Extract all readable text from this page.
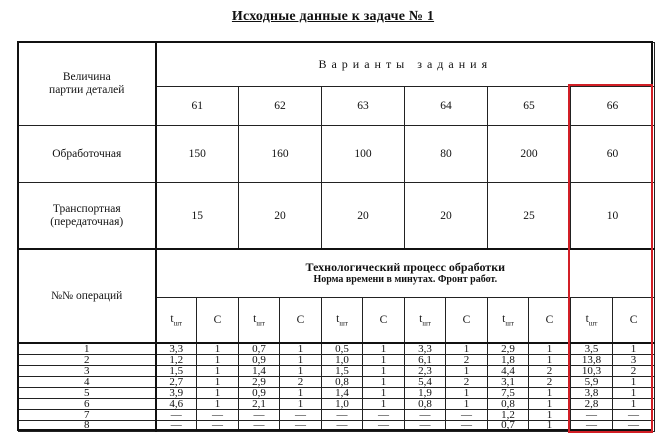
Исходные данные к задаче № 1
Величина
партии деталей	Варианты задания											
	61		62		63		64		65		66	
Обработочная	150		160		100		80		200		60	
Транспортная
(передаточная)	15		20		20		20		25		10	
№№ операций	Технологический процесс обработки
Норма времени в минутах. Фронт работ.											

	$t_{шт}$	C	$t_{шт}$	C	$t_{шт}$	C	$t_{шт}$	C	$t_{шт}$	C	$t_{шт}$	C
1	3,3	1	0,7	1	0,5	1	3,3	1	2,9	1	3,5	1
2	1,2	1	0,9	1	1,0	1	6,1	2	1,8	1	13,8	3
3	1,5	1	1,4	1	1,5	1	2,3	1	4,4	2	10,3	2
4	2,7	1	2,9	2	0,8	1	5,4	2	3,1	2	5,9	1
5	3,9	1	0,9	1	1,4	1	1,9	1	7,5	1	3,8	1
6	4,6	1	2,1	1	1,0	1	0,8	1	0,8	1	2,8	1
7	—	—	—	—	—	—	—	—	1,2	1	—	—
8	—	—	—	—	—	—	—	—	0,7	1	—	—
